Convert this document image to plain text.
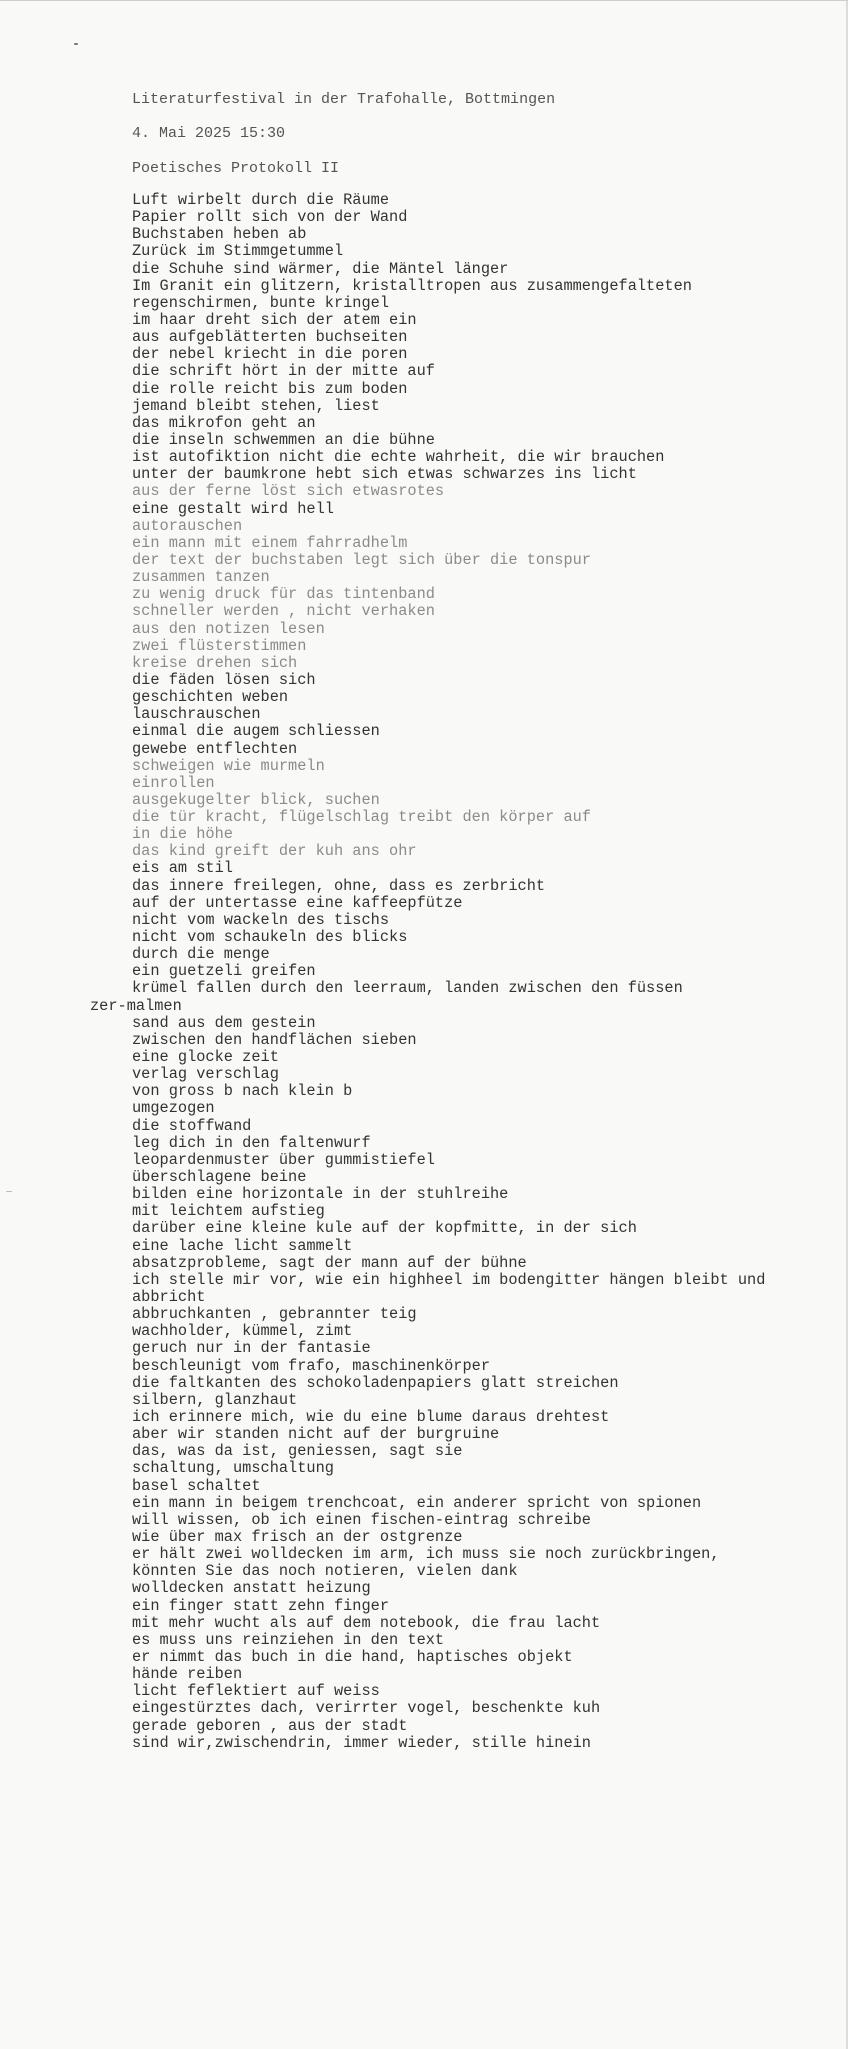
Literaturfestival in der Trafohalle, Bottmingen
4. Mai 2025 15:30
Poetisches Protokoll II
Luft wirbelt durch die Räume
Papier rollt sich von der Wand
Buchstaben heben ab
Zurück im Stimmgetummel
die Schuhe sind wärmer, die Mäntel länger
Im Granit ein glitzern, kristalltropen aus zusammengefalteten
regenschirmen, bunte kringel
im haar dreht sich der atem ein
aus aufgeblätterten buchseiten
der nebel kriecht in die poren
die schrift hört in der mitte auf
die rolle reicht bis zum boden
jemand bleibt stehen, liest
das mikrofon geht an
die inseln schwemmen an die bühne
ist autofiktion nicht die echte wahrheit, die wir brauchen
unter der baumkrone hebt sich etwas schwarzes ins licht
aus der ferne löst sich etwasrotes
eine gestalt wird hell
autorauschen
ein mann mit einem fahrradhelm
der text der buchstaben legt sich über die tonspur
zusammen tanzen
zu wenig druck für das tintenband
schneller werden , nicht verhaken
aus den notizen lesen
zwei flüsterstimmen
kreise drehen sich
die fäden lösen sich
geschichten weben
lauschrauschen
einmal die augem schliessen
gewebe entflechten
schweigen wie murmeln
einrollen
ausgekugelter blick, suchen
die tür kracht, flügelschlag treibt den körper auf
in die höhe
das kind greift der kuh ans ohr
eis am stil
das innere freilegen, ohne, dass es zerbricht
auf der untertasse eine kaffeepfütze
nicht vom wackeln des tischs
nicht vom schaukeln des blicks
durch die menge
ein guetzeli greifen
krümel fallen durch den leerraum, landen zwischen den füssen
zer-malmen
sand aus dem gestein
zwischen den handflächen sieben
eine glocke zeit
verlag verschlag
von gross b nach klein b
umgezogen
die stoffwand
leg dich in den faltenwurf
leopardenmuster über gummistiefel
überschlagene beine
bilden eine horizontale in der stuhlreihe
mit leichtem aufstieg
darüber eine kleine kule auf der kopfmitte, in der sich
eine lache licht sammelt
absatzprobleme, sagt der mann auf der bühne
ich stelle mir vor, wie ein highheel im bodengitter hängen bleibt und
abbricht
abbruchkanten , gebrannter teig
wachholder, kümmel, zimt
geruch nur in der fantasie
beschleunigt vom frafo, maschinenkörper
die faltkanten des schokoladenpapiers glatt streichen
silbern, glanzhaut
ich erinnere mich, wie du eine blume daraus drehtest
aber wir standen nicht auf der burgruine
das, was da ist, geniessen, sagt sie
schaltung, umschaltung
basel schaltet
ein mann in beigem trenchcoat, ein anderer spricht von spionen
will wissen, ob ich einen fischen-eintrag schreibe
wie über max frisch an der ostgrenze
er hält zwei wolldecken im arm, ich muss sie noch zurückbringen,
könnten Sie das noch notieren, vielen dank
wolldecken anstatt heizung
ein finger statt zehn finger
mit mehr wucht als auf dem notebook, die frau lacht
es muss uns reinziehen in den text
er nimmt das buch in die hand, haptisches objekt
hände reiben
licht feflektiert auf weiss
eingestürztes dach, verirrter vogel, beschenkte kuh
gerade geboren , aus der stadt
sind wir,zwischendrin, immer wieder, stille hinein
